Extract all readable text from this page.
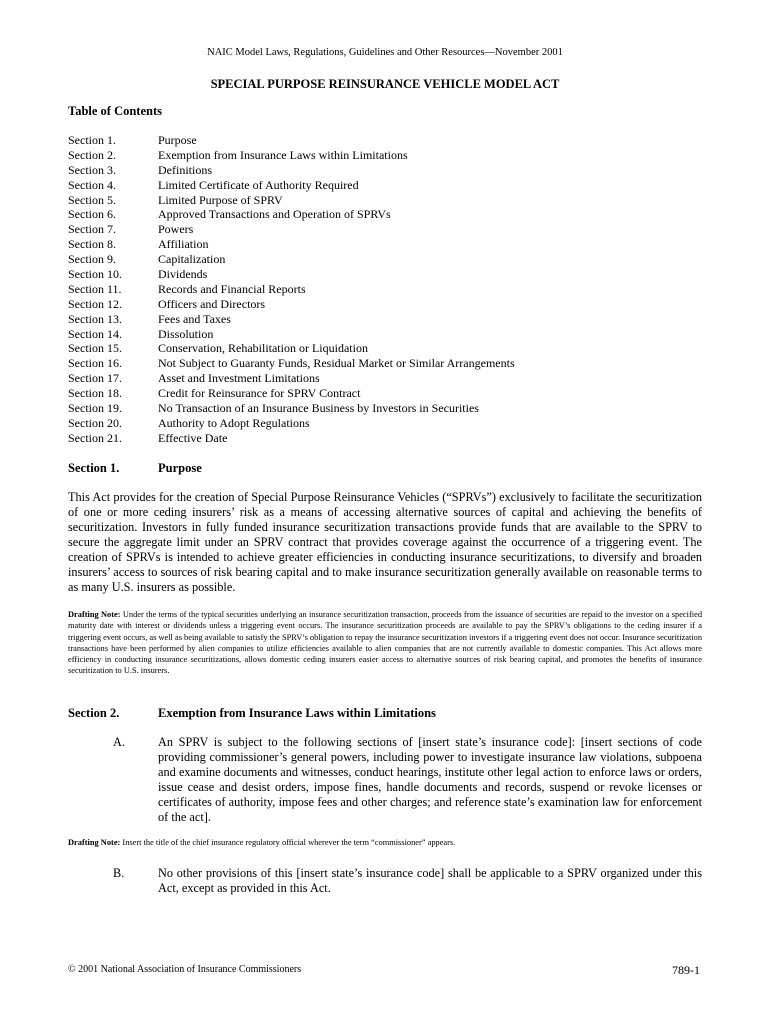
NAIC Model Laws, Regulations, Guidelines and Other Resources—November 2001
SPECIAL PURPOSE REINSURANCE VEHICLE MODEL ACT
Table of Contents
Section 1.	Purpose
Section 2.	Exemption from Insurance Laws within Limitations
Section 3.	Definitions
Section 4.	Limited Certificate of Authority Required
Section 5.	Limited Purpose of SPRV
Section 6.	Approved Transactions and Operation of SPRVs
Section 7.	Powers
Section 8.	Affiliation
Section 9.	Capitalization
Section 10.	Dividends
Section 11.	Records and Financial Reports
Section 12.	Officers and Directors
Section 13.	Fees and Taxes
Section 14.	Dissolution
Section 15.	Conservation, Rehabilitation or Liquidation
Section 16.	Not Subject to Guaranty Funds, Residual Market or Similar Arrangements
Section 17.	Asset and Investment Limitations
Section 18.	Credit for Reinsurance for SPRV Contract
Section 19.	No Transaction of an Insurance Business by Investors in Securities
Section 20.	Authority to Adopt Regulations
Section 21.	Effective Date
Section 1.	Purpose

This Act provides for the creation of Special Purpose Reinsurance Vehicles (“SPRVs”) exclusively to facilitate the securitization of one or more ceding insurers’ risk as a means of accessing alternative sources of capital and achieving the benefits of securitization. Investors in fully funded insurance securitization transactions provide funds that are available to the SPRV to secure the aggregate limit under an SPRV contract that provides coverage against the occurrence of a triggering event. The creation of SPRVs is intended to achieve greater efficiencies in conducting insurance securitizations, to diversify and broaden insurers’ access to sources of risk bearing capital and to make insurance securitization generally available on reasonable terms to as many U.S. insurers as possible.

Drafting Note: Under the terms of the typical securities underlying an insurance securitization transaction, proceeds from the issuance of securities are repaid to the investor on a specified maturity date with interest or dividends unless a triggering event occurs. The insurance securitization proceeds are available to pay the SPRV’s obligations to the ceding insurer if a triggering event occurs, as well as being available to satisfy the SPRV’s obligation to repay the insurance securitization investors if a triggering event does not occur. Insurance securitization transactions have been performed by alien companies to utilize efficiencies available to alien companies that are not currently available to domestic companies. This Act allows more efficiency in conducting insurance securitizations, allows domestic ceding insurers easier access to alternative sources of risk bearing capital, and promotes the benefits of insurance securitization to U.S. insurers.

Section 2.	Exemption from Insurance Laws within Limitations
A.	An SPRV is subject to the following sections of [insert state’s insurance code]: [insert sections of code providing commissioner’s general powers, including power to investigate insurance law violations, subpoena and examine documents and witnesses, conduct hearings, institute other legal action to enforce laws or orders, issue cease and desist orders, impose fines, handle documents and records, suspend or revoke licenses or certificates of authority, impose fees and other charges; and reference state’s examination law for enforcement of the act].

Drafting Note: Insert the title of the chief insurance regulatory official wherever the term “commissioner” appears.

B.	No other provisions of this [insert state’s insurance code] shall be applicable to a SPRV organized under this Act, except as provided in this Act.

© 2001 National Association of Insurance Commissioners	789-1
